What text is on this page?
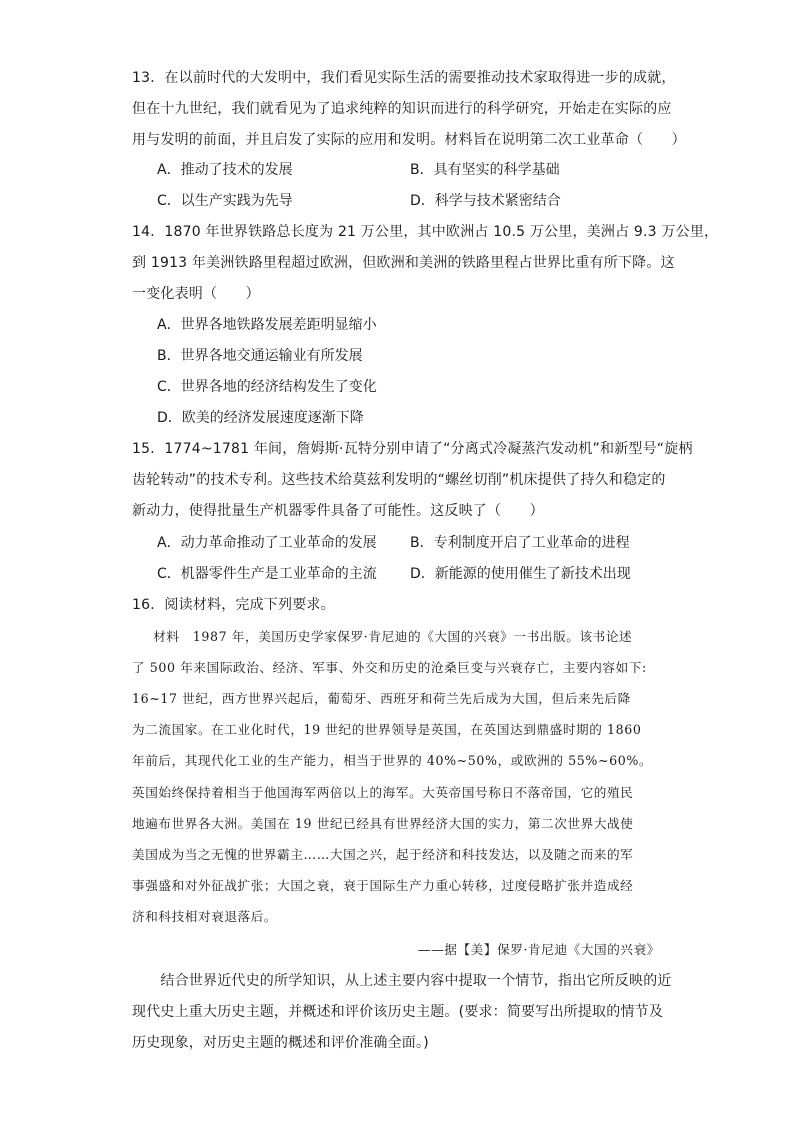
13．在以前时代的大发明中，我们看见实际生活的需要推动技术家取得进一步的成就，
但在十九世纪，我们就看见为了追求纯粹的知识而进行的科学研究，开始走在实际的应
用与发明的前面，并且启发了实际的应用和发明。材料旨在说明第二次工业革命（　　）
A．推动了技术的发展	B．具有坚实的科学基础
C．以生产实践为先导	D．科学与技术紧密结合
14．1870 年世界铁路总长度为 21 万公里，其中欧洲占 10.5 万公里，美洲占 9.3 万公里，
到 1913 年美洲铁路里程超过欧洲，但欧洲和美洲的铁路里程占世界比重有所下降。这
一变化表明（　　）
A．世界各地铁路发展差距明显缩小
B．世界各地交通运输业有所发展
C．世界各地的经济结构发生了变化
D．欧美的经济发展速度逐渐下降
15．1774~1781 年间，詹姆斯·瓦特分别申请了“分离式冷凝蒸汽发动机”和新型号“旋柄
齿轮转动”的技术专利。这些技术给莫兹利发明的“螺丝切削”机床提供了持久和稳定的
新动力，使得批量生产机器零件具备了可能性。这反映了（　　）
A．动力革命推动了工业革命的发展 B．专利制度开启了工业革命的进程
C．机器零件生产是工业革命的主流 D．新能源的使用催生了新技术出现
16．阅读材料，完成下列要求。
　材料　1987 年，美国历史学家保罗·肯尼迪的《大国的兴衰》一书出版。该书论述
了 500 年来国际政治、经济、军事、外交和历史的沧桑巨变与兴衰存亡，主要内容如下:
16~17 世纪，西方世界兴起后，葡萄牙、西班牙和荷兰先后成为大国，但后来先后降
为二流国家。在工业化时代，19 世纪的世界领导是英国，在英国达到鼎盛时期的 1860
年前后，其现代化工业的生产能力，相当于世界的 40%~50%，或欧洲的 55%~60%。
英国始终保持着相当于他国海军两倍以上的海军。大英帝国号称日不落帝国，它的殖民
地遍布世界各大洲。美国在 19 世纪已经具有世界经济大国的实力，第二次世界大战使
美国成为当之无愧的世界霸主……大国之兴，起于经济和科技发达，以及随之而来的军
事强盛和对外征战扩张；大国之衰，衰于国际生产力重心转移，过度侵略扩张并造成经
济和科技相对衰退落后。
——据【美】保罗·肯尼迪《大国的兴衰》
　　结合世界近代史的所学知识，从上述主要内容中提取一个情节，指出它所反映的近
现代史上重大历史主题，并概述和评价该历史主题。(要求：简要写出所提取的情节及
历史现象，对历史主题的概述和评价准确全面。)
